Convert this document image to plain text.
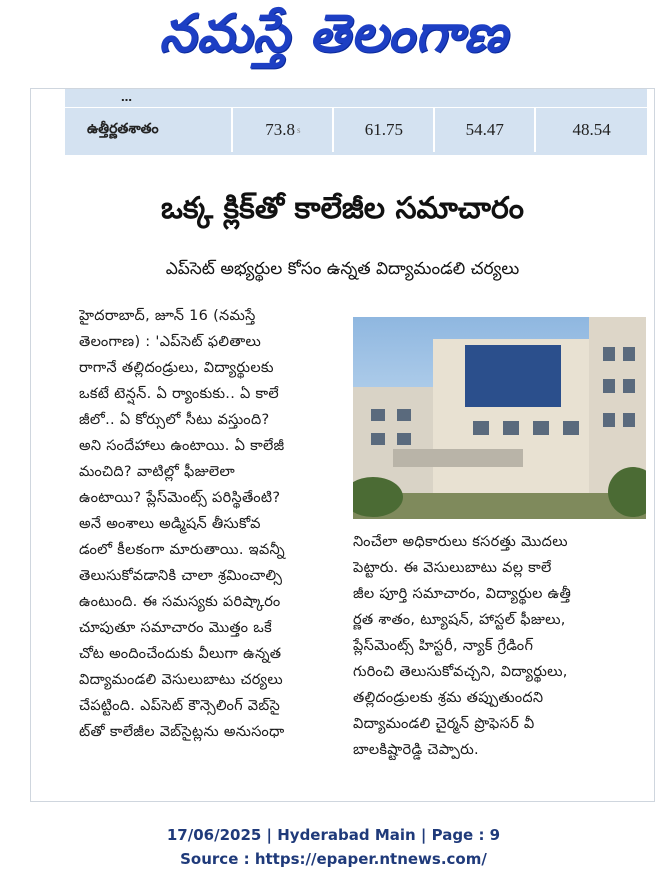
నమస్తే తెలంగాణ
…
ఉత్తీర్ణతశాతం	73.8 s	61.75	54.47	48.54
ఒక్క క్లిక్‌తో కాలేజీల సమాచారం
ఎప్‌సెట్ అభ్యర్థుల కోసం ఉన్నత విద్యామండలి చర్యలు
హైదరాబాద్, జూన్ 16 (నమస్తే
తెలంగాణ) : 'ఎప్‌సెట్ ఫలితాలు
రాగానే తల్లిదండ్రులు, విద్యార్థులకు
ఒకటే టెన్షన్. ఏ ర్యాంకుకు.. ఏ కాలే
జీలో.. ఏ కోర్సులో సీటు వస్తుంది?
అని సందేహాలు ఉంటాయి. ఏ కాలేజీ
మంచిది? వాటిల్లో ఫీజులెలా
ఉంటాయి? ప్లేస్‌మెంట్స్ పరిస్థితేంటి?
అనే అంశాలు అడ్మిషన్ తీసుకోవ
డంలో కీలకంగా మారుతాయి. ఇవన్నీ
తెలుసుకోవడానికి చాలా శ్రమించాల్సి
ఉంటుంది. ఈ సమస్యకు పరిష్కారం
చూపుతూ సమాచారం మొత్తం ఒకే
చోట అందించేందుకు వీలుగా ఉన్నత
విద్యామండలి వెసులుబాటు చర్యలు
చేపట్టింది. ఎప్‌సెట్ కౌన్సెలింగ్ వెబ్‌సై
ట్‌తో కాలేజీల వెబ్‌సైట్లను అనుసంధా
నించేలా అధికారులు కసరత్తు మొదలు
పెట్టారు. ఈ వెసులుబాటు వల్ల కాలే
జీల పూర్తి సమాచారం, విద్యార్థుల ఉత్తీ
ర్ణత శాతం, ట్యూషన్, హాస్టల్ ఫీజులు,
ప్లేస్‌మెంట్స్ హిస్టరీ, న్యాక్ గ్రేడింగ్
గురించి తెలుసుకోవచ్చని, విద్యార్థులు,
తల్లిదండ్రులకు శ్రమ తప్పుతుందని
విద్యామండలి చైర్మన్ ప్రొఫెసర్ వీ
బాలకిష్టారెడ్డి చెప్పారు.
17/06/2025 | Hyderabad Main | Page : 9
Source : https://epaper.ntnews.com/
